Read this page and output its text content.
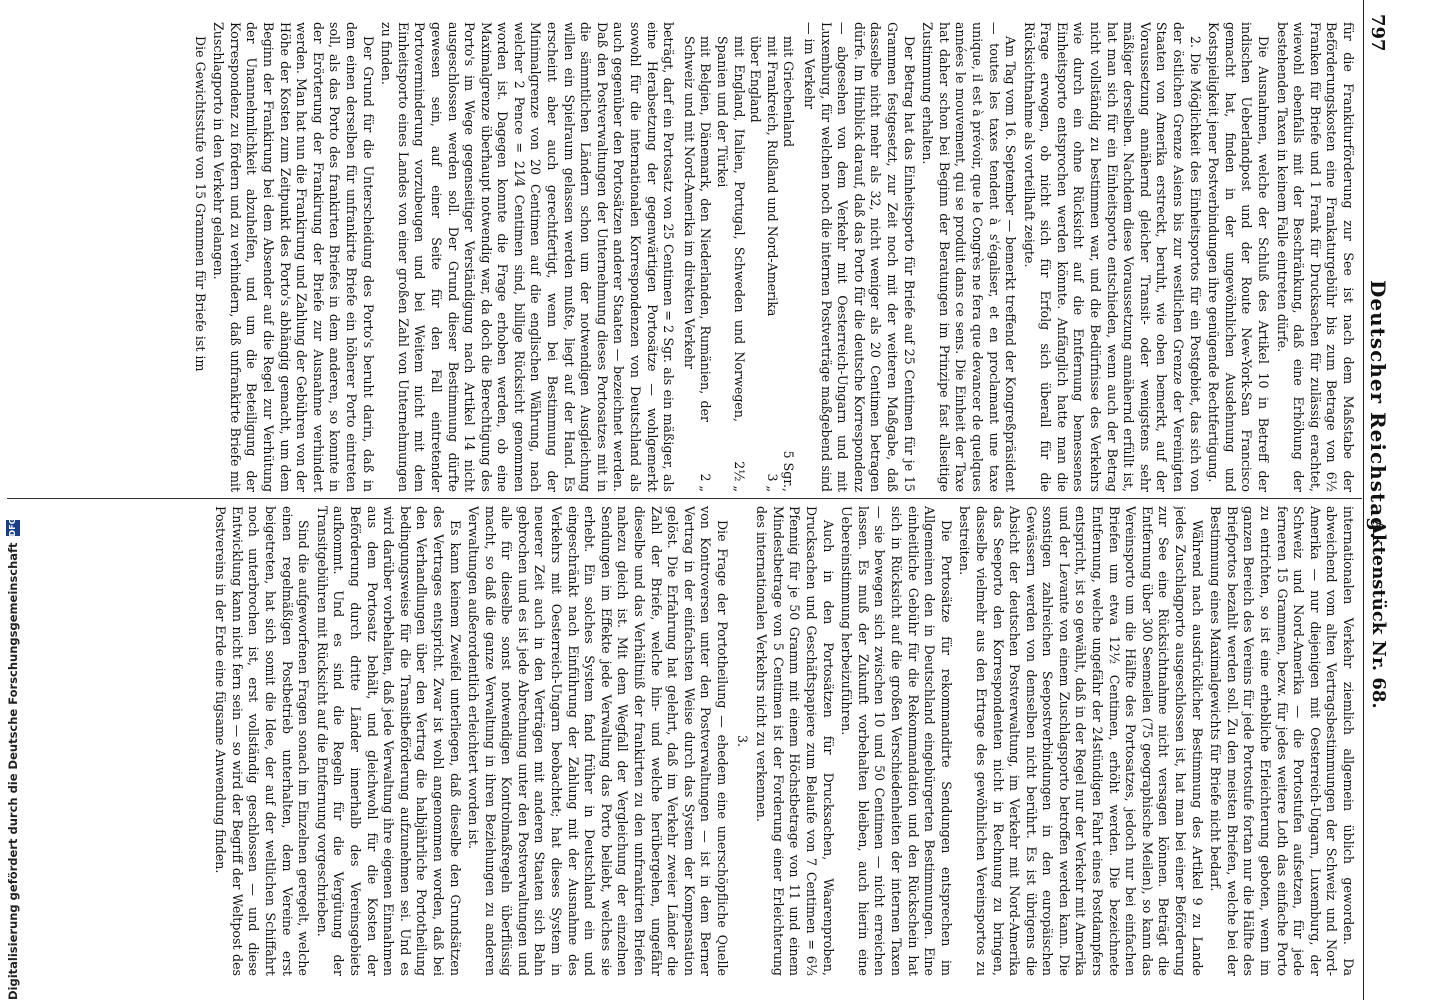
797
Deutscher Reichstag.
Aktenstück Nr. 68.

für die Frankiturförderung zur See ist nach dem Maßstabe der Beförderungskosten eine Frankaturgebühr bis zum Betrage von 6½ Franken für Briefe und 1 Frank für Drucksachen für zulässig erachtet, wiewohl ebenfalls mit der Beschränkung, daß eine Erhöhung der bestehenden Taxen in keinem Falle eintreten dürfe.

Die Ausnahmen, welche der Schluß des Artikel 10 in Betreff der indischen Ueberlandpost und der Route New-York-San Francisco gemacht hat, finden in der ungewöhnlichen Ausdehnung und Kostspieligkeit jener Postverbindungen ihre genügende Rechtfertigung.

2. Die Möglichkeit des Einheitsportos für ein Postgebiet, das sich von der östlichen Grenze Asiens bis zur westlichen Grenze der Vereinigten Staaten von Amerika erstreckt, beruht, wie oben bemerkt, auf der Voraussetzung annähernd gleicher Transit- oder wenigstens sehr mäßiger derselben. Nachdem diese Voraussetzung annähernd erfüllt ist, hat man sich für ein Einheitsporto entschieden, wenn auch der Betrag nicht vollständig zu bestimmen war, und die Bedürfnisse des Verkehrs wie durch ein ohne Rücksicht auf die Entfernung bemessenes Einheitsporto entsprochen werden könnte. Anfänglich hatte man die Frage erwogen, ob nicht sich für Erfolg sich überall für die Rücksichtnahme als vorteilhaft zeigte.

Am Tag vom 16. September — bemerkt treffend der Kongreßpräsident — toutes les taxes tendent à s'égaliser, et en proclamant une taxe unique, il est à prévoir, que le Congrès ne fera que devancer de quelques années le mouvement, qui se produit dans ce sens. Die Einheit der Taxe hat daher schon bei Beginn der Beratungen im Prinzipe fast allseitige Zustimmung erhalten.

Der Betrag hat das Einheitsporto für Briefe auf 25 Centimen für je 15 Grammen festgesetzt, zur Zeit noch mit der weiteren Maßgabe, daß dasselbe nicht mehr als 32, nicht weniger als 20 Centimen betragen dürfe. Im Hinblick darauf, daß das Porto für die deutsche Korrespondenz — abgesehen von dem Verkehr mit Oesterreich-Ungarn und mit Luxemburg, für welchen noch die internen Postverträge maßgebend sind — im Verkehr

mit Griechenland
5 Sgr.,
mit Frankreich, Rußland und Nord-Amerika
3 „
über England
mit England, Italien, Portugal, Schweden und Norwegen, Spanien und der Türkei
2½ „
mit Belgien, Dänemark, den Niederlanden, Rumänien, der Schweiz und mit Nord-Amerika im direkten Verkehr
2 „

beträgt, darf ein Portosatz von 25 Centimen = 2 Sgr. als ein mäßiger, als eine Herabsetzung der gegenwärtigen Portosätze — wohlgemerkt sowohl für die internationalen Korrespondenzen von Deutschland als auch gegenüber den Portosätzen anderer Staaten — bezeichnet werden. Daß den Postverwaltungen der Unternehmung dieses Portosatzes mit in die sämmtlichen Ländern schon um der notwendigen Ausgleichung willen ein Spielraum gelassen werden mußte, liegt auf der Hand. Es erscheint aber auch gerechtfertigt, wenn bei Bestimmung der Minimalgrenze von 20 Centimen auf die englischen Währung, nach welcher 2 Pence = 21⁄4 Centimen sind, billige Rücksicht genommen worden ist. Dagegen konnte die Frage erhoben werden, ob eine Maximalgrenze überhaupt notwendig war, da doch die Berechtigung des Porto's im Wege gegenseitiger Verständigung nach Artikel 14 nicht ausgeschlossen werden soll. Der Grund dieser Bestimmung dürfte gewesen sein, auf einer Seite für den Fall eintretender Portoverminderung vorzubeugen und bei Weitem nicht mit dem Einheitsporto eines Landes von einer großen Zahl von Unternehmungen zu finden.

Der Grund für die Unterscheidung des Porto's beruht darin, daß in dem einen derselben für unfrankirte Briefe ein höherer Porto eintreten soll, als das Porto des frankirten Briefes in dem anderen, so konnte in der Erörterung der Frankirung der Briefe zur Ausnahme verhindert werden. Man hat nun die Frankirung und Zahlung der Gebühren von der Höhe der Kosten zum Zeitpunkt des Porto's abhängig gemacht, um dem Beginn der Frankirung bei dem Absender auf die Regel zur Verhütung der Unannehmlichkeit abzuhelfen, und um die Beteiligung der Korrespondenz zu fördern und zu verhindern, daß unfrankirte Briefe mit Zuschlagporto in den Verkehr gelangen.

Die Gewichtsstufe von 15 Grammen für Briefe ist im

internationalen Verkehr ziemlich allgemein üblich geworden. Da abweichend vom alten Vertragsbestimmungen der Schweiz und Nord-Amerika — nur diejenigen mit Oesterreich-Ungarn, Luxemburg, der Schweiz und Nord-Amerika — die Portostufen aufsetzen, für jede ferneren 15 Grammen, bezw. für jedes weitere Loth das einfache Porto zu entrichten, so ist eine erhebliche Erleichterung geboten, wenn im ganzen Bereich des Vereins für jede Portostufe fortan nur die Hälfte des Briefportos bezahlt werden soll. Zu den meisten Briefen, welche bei der Bestimmung eines Maximalgewichts für Briefe nicht bedarf.

Während nach ausdrücklicher Bestimmung des Artikel 9 zu Lande jedes Zuschlagporto ausgeschlossen ist, hat man bei einer Beförderung zur See eine Rücksichtnahme nicht versagen können. Beträgt die Entfernung über 300 Seemeilen (75 geographische Meilen), so kann das Vereinsporto um die Hälfte des Portosatzes, jedoch nur bei einfachen Briefen um etwa 12½ Centimen, erhöht werden. Die bezeichnete Entfernung, welche ungefähr der 24stündigen Fahrt eines Postdampfers entspricht, ist so gewählt, daß in der Regel nur der Verkehr mit Amerika und der Levante von einem Zuschlagsporto betroffen werden kann. Die sonstigen zahlreichen Seepostverbindungen in den europäischen Gewässern werden von demselben nicht berührt. Es ist übrigens die Absicht der deutschen Postverwaltung, im Verkehr mit Nord-Amerika das Seeporto den Korrespondenten nicht in Rechnung zu bringen, dasselbe vielmehr aus den Ertrage des gewöhnlichen Vereinsportos zu bestreiten.

Die Portosätze für rekommandirte Sendungen entsprechen im Allgemeinen den in Deutschland eingebürgerten Bestimmungen. Eine einheitliche Gebühr für die Rekommandation und den Rückschein hat sich in Rücksicht auf die großen Verschiedenheiten der internen Taxen — sie bewegen sich zwischen 10 und 50 Centimen — nicht erreichen lassen. Es muß der Zukunft vorbehalten bleiben, auch hierin eine Uebereinstimmung herbeizuführen.

Auch in den Portosätzen für Drucksachen, Waarenproben, Drucksachen und Geschäftspapiere zum Belaufe von 7 Centimen = 6⅓ Pfennig für je 50 Gramm mit einem Höchstbetrage von 11 und einem Mindestbetrage von 5 Centimen ist der Forderung einer Erleichterung des internationalen Verkehrs nicht zu verkennen.

3.

Die Frage der Portotheilung — ehedem eine unerschöpfliche Quelle von Kontroversen unter den Postverwaltungen — ist in dem Berner Vertrag in der einfachsten Weise durch das System der Kompensation gelöst. Die Erfahrung hat gelehrt, daß im Verkehr zweier Länder die Zahl der Briefe, welche hin- und welche herübergehen, ungefähr dieselbe und das Verhältniß der frankirten zu den unfrankirten Briefen nahezu gleich ist. Mit dem Wegfall der Vergleichung der einzelnen Sendungen im Effekte jede Verwaltung das Porto beliebt, welches sie erhebt. Ein solches System fand früher in Deutschland ein und eingeschränkt nach Einführung der Zahlung mit der Ausnahme des Verkehrs mit Oesterreich-Ungarn beobachtet; hat dieses System in neuerer Zeit auch in den Verträgen mit anderen Staaten sich Bahn gebrochen und es ist jede Abrechnung unter den Postverwaltungen und alle für dieselbe sonst notwendigen Kontrolmaßregeln überflüssig macht, so daß die ganze Verwaltung in ihren Beziehungen zu anderen Verwaltungen außerordentlich erleichtert worden ist.

Es kann keinem Zweifel unterliegen, daß dieselbe den Grundsätzen des Vertrages entspricht. Zwar ist wohl angenommen worden, daß bei den Verhandlungen über den Vertrag die halbjährliche Portotheilung bedingungsweise für die Transitbeförderung aufzunehmen sei. Und es wird darüber vorbehalten, daß jede Verwaltung ihre eigenen Einnahmen aus dem Portosatz behält, und gleichwohl für die Kosten der Beförderung durch dritte Länder innerhalb des Vereinsgebiets aufkommt. Und es sind die Regeln für die Vergütung der Transitgebühren mit Rücksicht auf die Entfernung vorgeschrieben.

Sind die aufgeworfenen Fragen sonach im Einzelnen geregelt, welche einen regelmäßigen Postbetrieb unterhalten, dem Vereine erst beigetreten, hat sich somit die Idee, der auf der weltlichen Schiffahrt noch unterbrochen ist, erst vollständig geschlossen — und diese Entwicklung kann nicht fern sein — so wird der Begriff der Weltpost des Postvereins in der Erde eine fügsame Anwendung finden.

Digitalisierung gefördert durch die Deutsche Forschungsgemeinschaft
DFG
